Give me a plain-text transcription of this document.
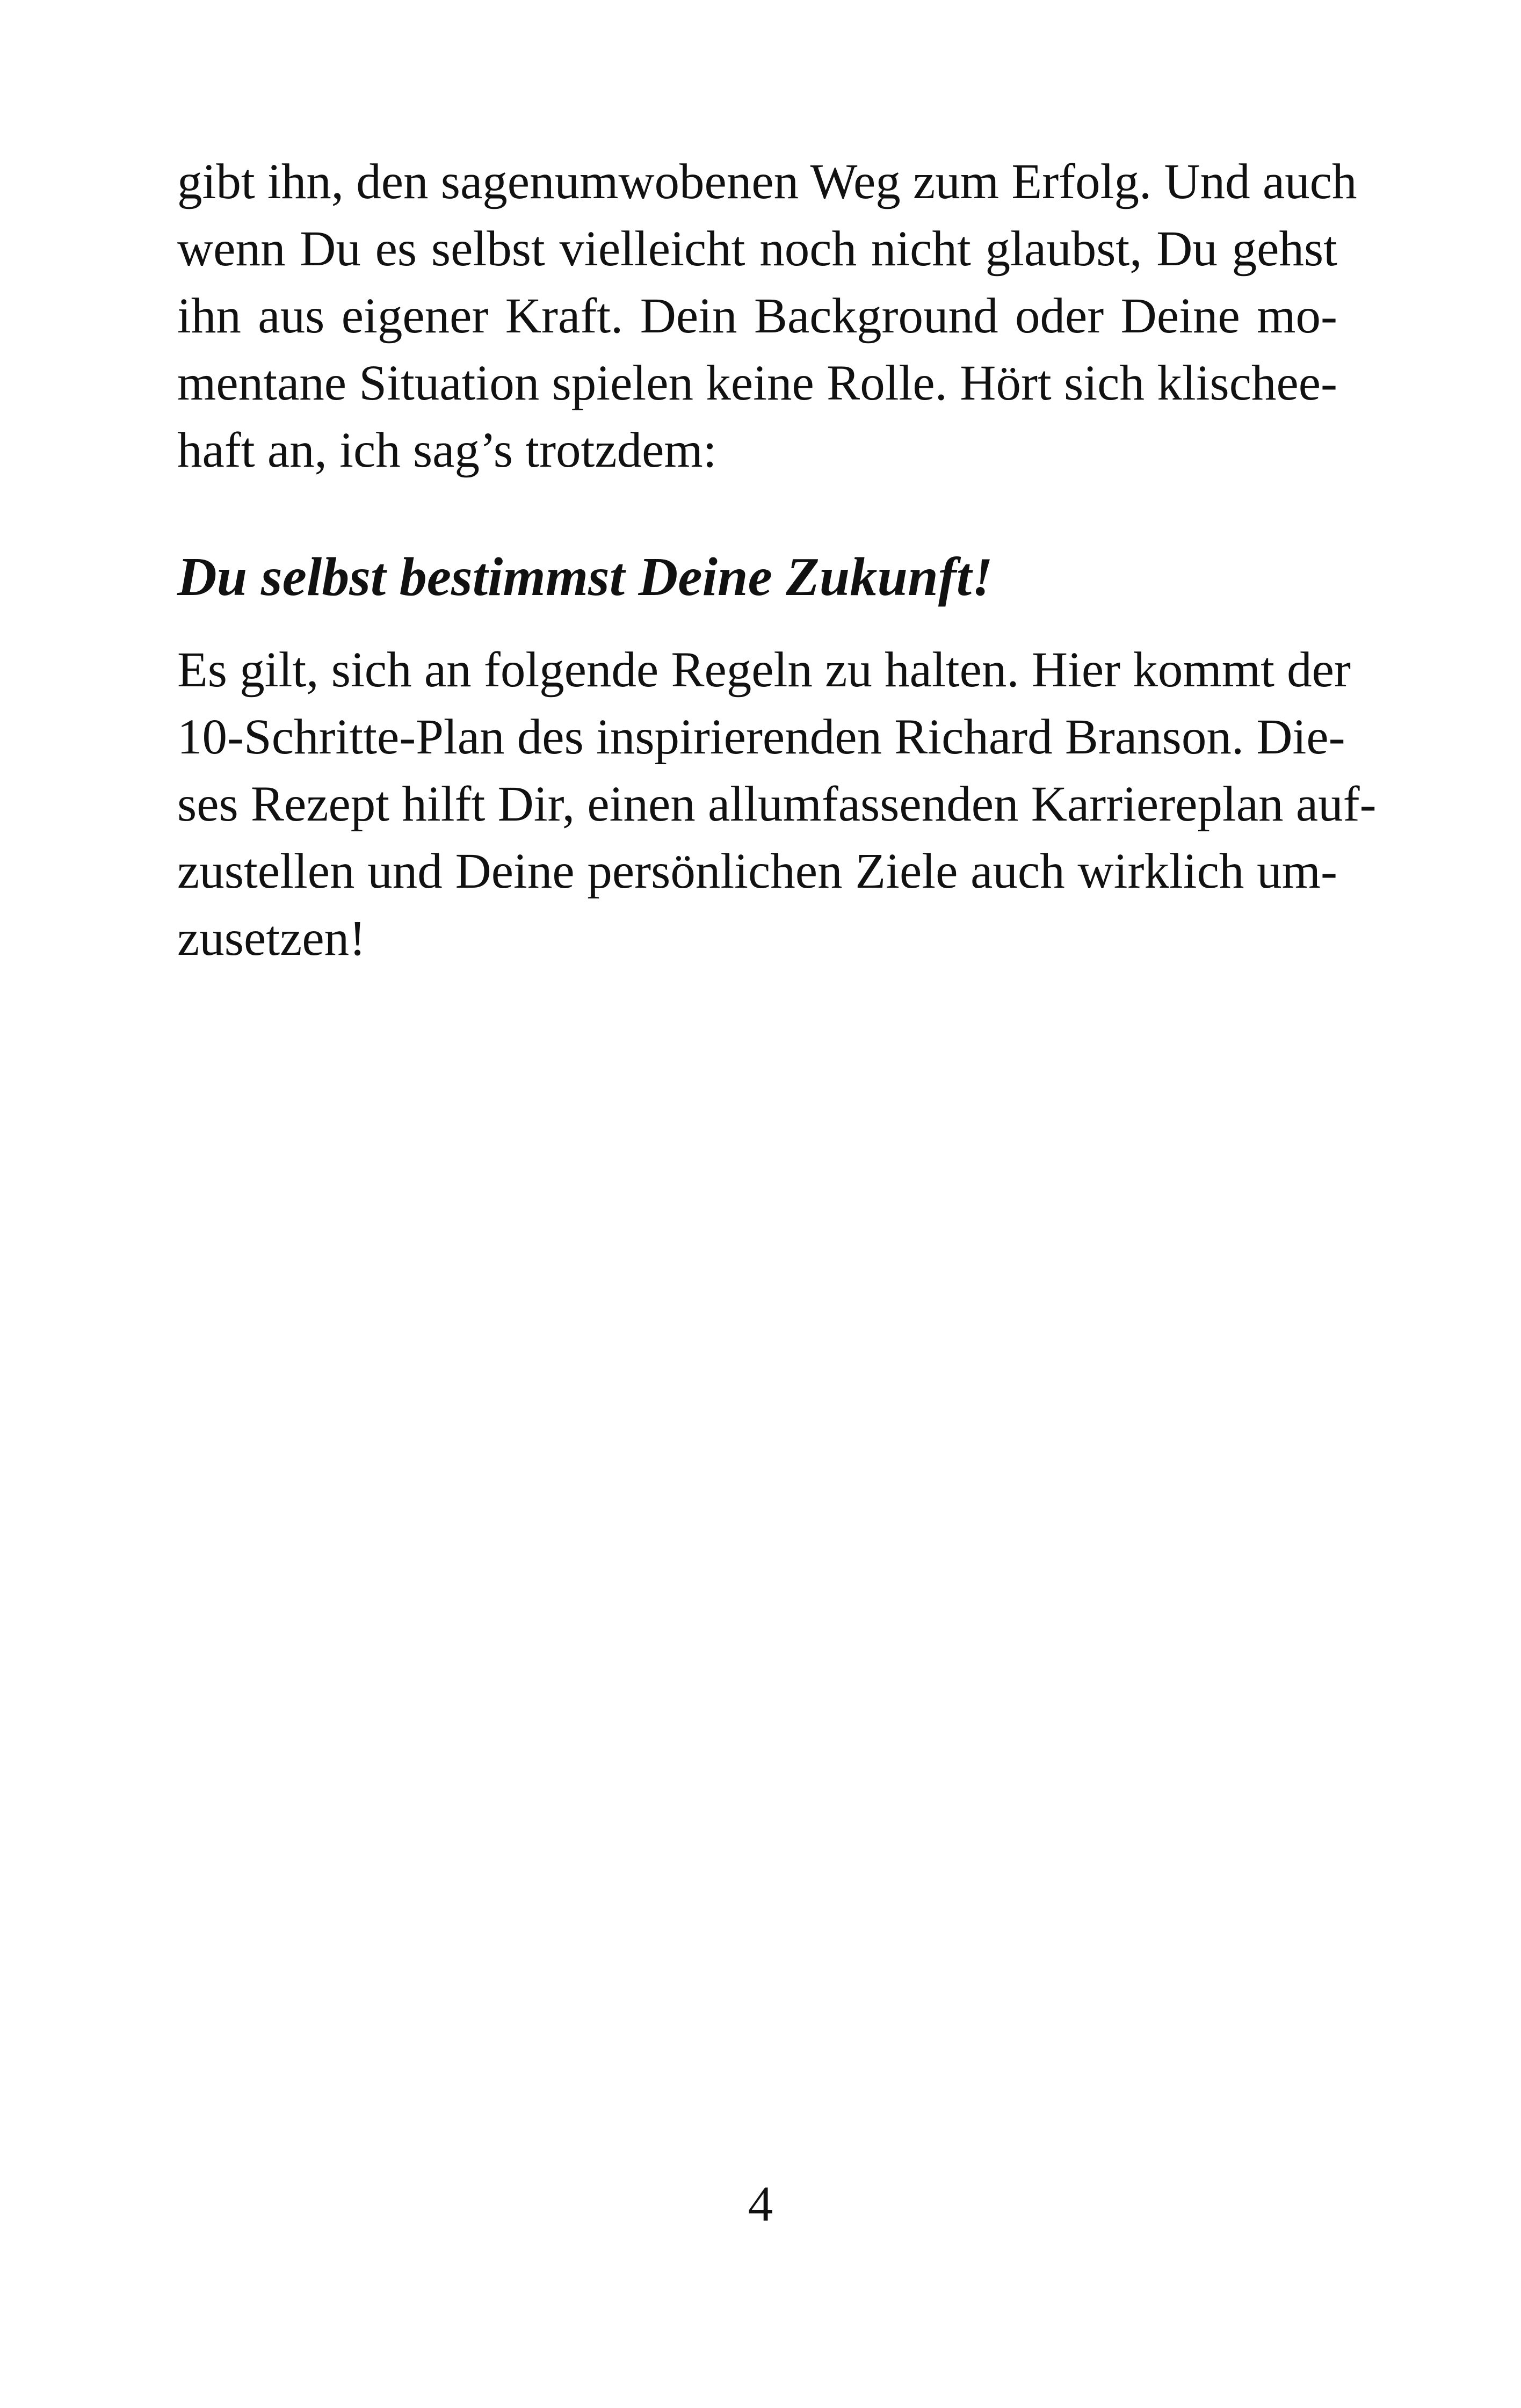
gibt ihn, den sagenumwobenen Weg zum Erfolg. Und auch
wenn Du es selbst vielleicht noch nicht glaubst, Du gehst
ihn aus eigener Kraft. Dein Background oder Deine mo-
mentane Situation spielen keine Rolle. Hört sich klischee-
haft an, ich sag’s trotzdem:

Du selbst bestimmst Deine Zukunft!

Es gilt, sich an folgende Regeln zu halten. Hier kommt der
10-Schritte-Plan des inspirierenden Richard Branson. Die-
ses Rezept hilft Dir, einen allumfassenden Karriereplan auf-
zustellen und Deine persönlichen Ziele auch wirklich um-
zusetzen!

4
